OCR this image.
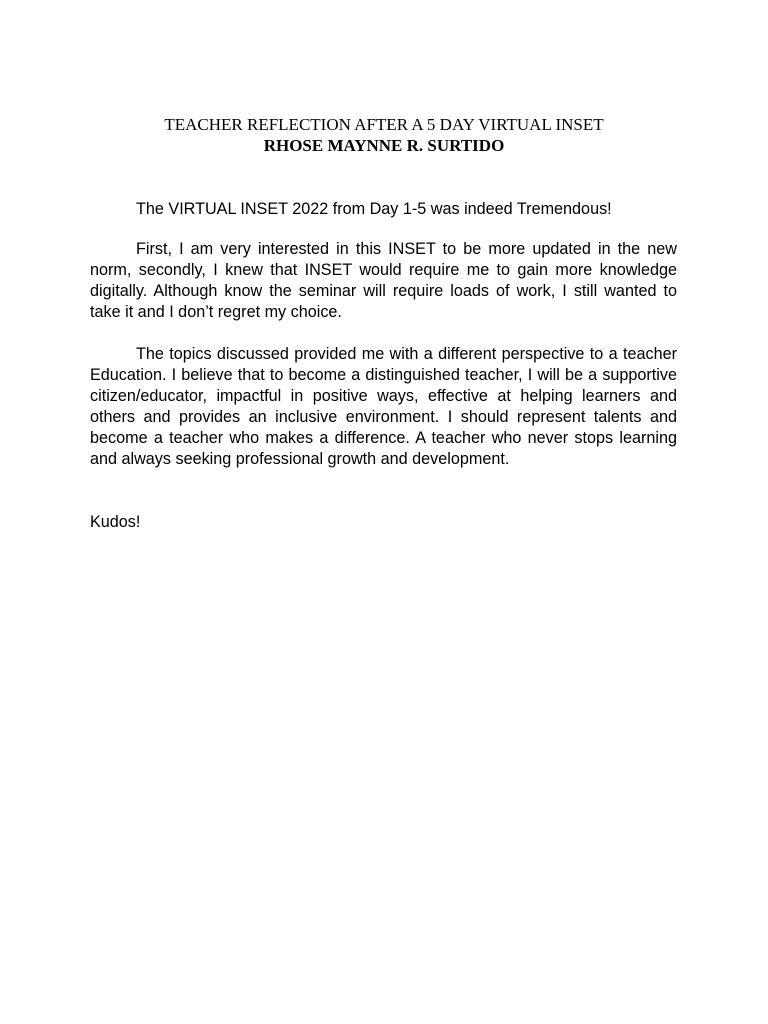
TEACHER REFLECTION AFTER A 5 DAY VIRTUAL INSET
RHOSE MAYNNE R. SURTIDO

The VIRTUAL INSET 2022 from Day 1-5 was indeed Tremendous!

First, I am very interested in this INSET to be more updated in the new norm, secondly, I knew that INSET would require me to gain more knowledge digitally. Although know the seminar will require loads of work, I still wanted to take it and I don’t regret my choice.

The topics discussed provided me with a different perspective to a teacher Education. I believe that to become a distinguished teacher, I will be a supportive citizen/educator, impactful in positive ways, effective at helping learners and others and provides an inclusive environment. I should represent talents and become a teacher who makes a difference. A teacher who never stops learning and always seeking professional growth and development.

Kudos!
